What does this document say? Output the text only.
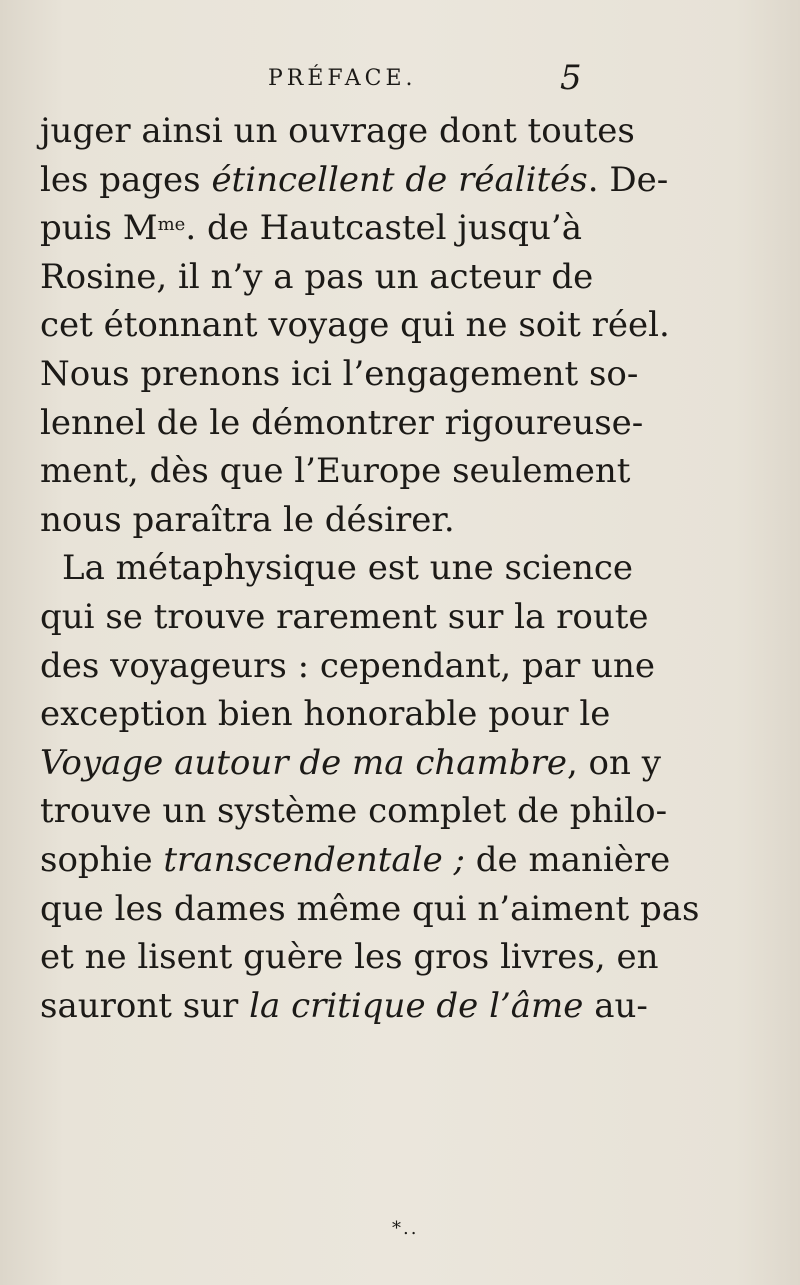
PRÉFACE.	5
juger ainsi un ouvrage dont toutes
les pages étincellent de réalités. De-
puis $M^{me}$. de Hautcastel jusqu’à
Rosine, il n’y a pas un acteur de
cet étonnant voyage qui ne soit réel.
Nous prenons ici l’engagement so-
lennel de le démontrer rigoureuse-
ment, dès que l’Europe seulement
nous paraîtra le désirer.
La métaphysique est une science
qui se trouve rarement sur la route
des voyageurs : cependant, par une
exception bien honorable pour le
Voyage autour de ma chambre, on y
trouve un système complet de philo-
sophie transcendentale ; de manière
que les dames même qui n’aiment pas
et ne lisent guère les gros livres, en
sauront sur la critique de l’âme au-
*..
